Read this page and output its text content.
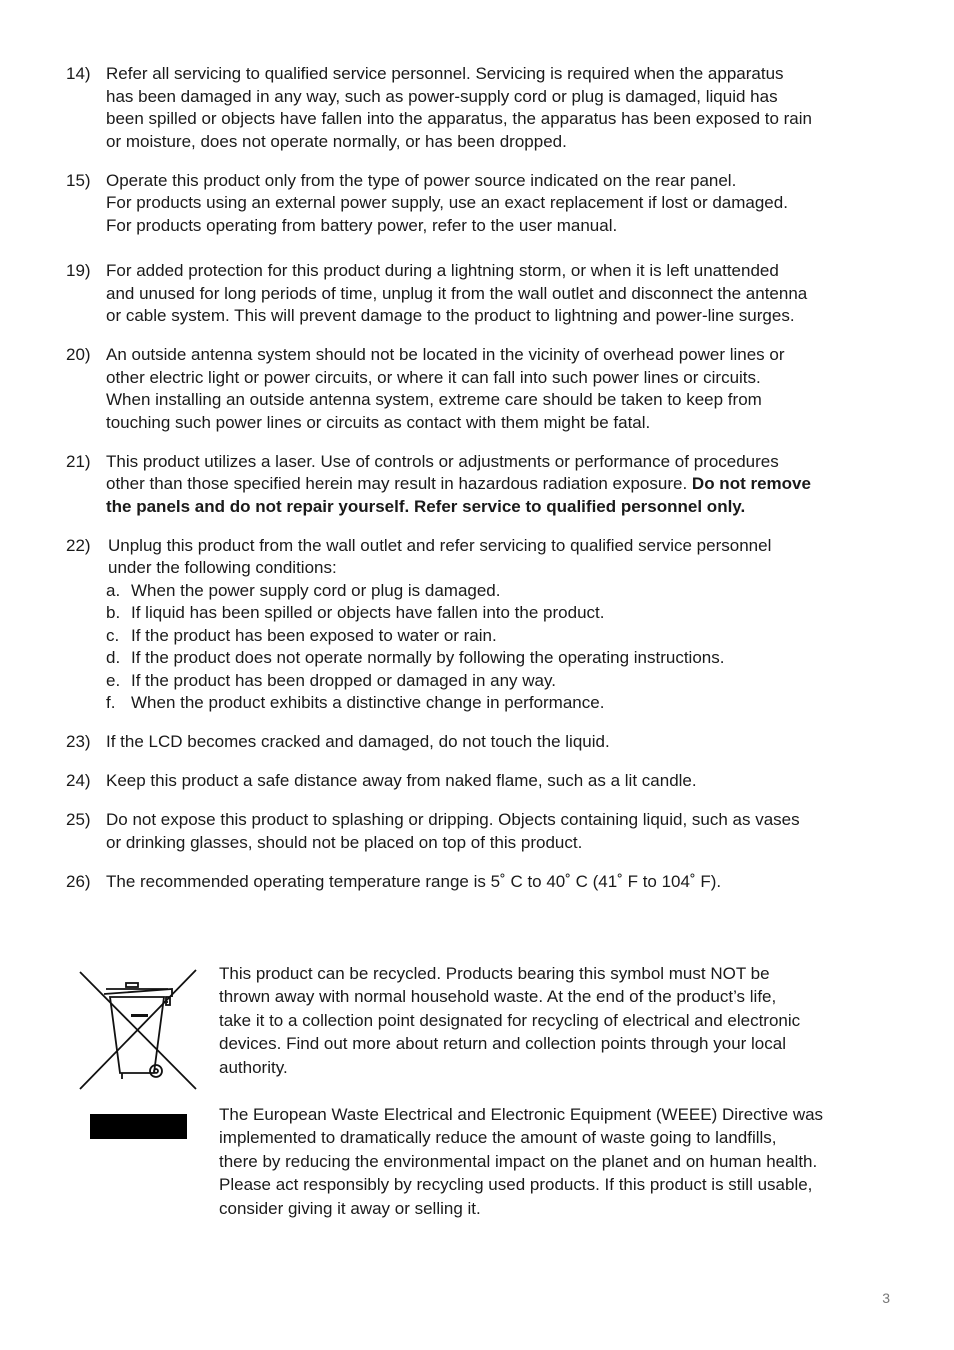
14) Refer all servicing to qualified service personnel. Servicing is required when the apparatus
has been damaged in any way, such as power-supply cord or plug is damaged, liquid has
been spilled or objects have fallen into the apparatus, the apparatus has been exposed to rain
or moisture, does not operate normally, or has been dropped.

15) Operate this product only from the type of power source indicated on the rear panel.
For products using an external power supply, use an exact replacement if lost or damaged.
For products operating from battery power, refer to the user manual.

19) For added protection for this product during a lightning storm, or when it is left unattended
and unused for long periods of time, unplug it from the wall outlet and disconnect the antenna
or cable system. This will prevent damage to the product to lightning and power-line surges.

20) An outside antenna system should not be located in the vicinity of overhead power lines or
other electric light or power circuits, or where it can fall into such power lines or circuits.
When installing an outside antenna system, extreme care should be taken to keep from
touching such power lines or circuits as contact with them might be fatal.

21) This product utilizes a laser. Use of controls or adjustments or performance of procedures
other than those specified herein may result in hazardous radiation exposure. Do not remove
the panels and do not repair yourself. Refer service to qualified personnel only.

22) Unplug this product from the wall outlet and refer servicing to qualified service personnel
under the following conditions:

a. When the power supply cord or plug is damaged.
b. If liquid has been spilled or objects have fallen into the product.
c. If the product has been exposed to water or rain.
d. If the product does not operate normally by following the operating instructions.
e. If the product has been dropped or damaged in any way.
f. When the product exhibits a distinctive change in performance.
23) If the LCD becomes cracked and damaged, do not touch the liquid.

24) Keep this product a safe distance away from naked flame, such as a lit candle.

25) Do not expose this product to splashing or dripping. Objects containing liquid, such as vases
or drinking glasses, should not be placed on top of this product.

26) The recommended operating temperature range is 5˚ C to 40˚ C (41˚ F to 104˚ F).

This product can be recycled. Products bearing this symbol must NOT be
thrown away with normal household waste. At the end of the product’s life,
take it to a collection point designated for recycling of electrical and electronic
devices. Find out more about return and collection points through your local
authority.

The European Waste Electrical and Electronic Equipment (WEEE) Directive was
implemented to dramatically reduce the amount of waste going to landfills,
there by reducing the environmental impact on the planet and on human health.
Please act responsibly by recycling used products. If this product is still usable,
consider giving it away or selling it.

3
